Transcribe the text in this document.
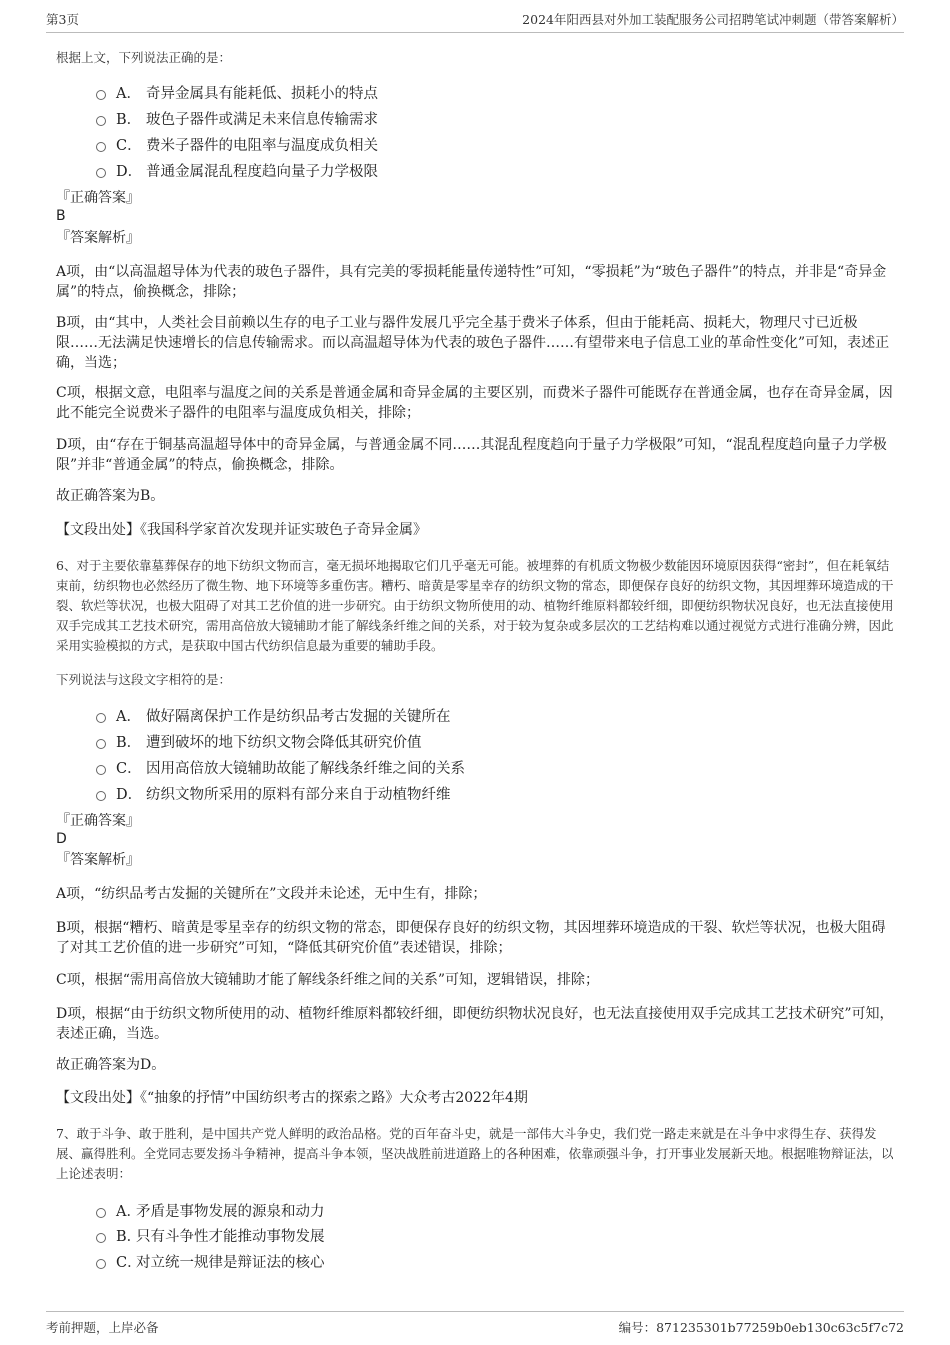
第3页	2024年阳西县对外加工装配服务公司招聘笔试冲刺题（带答案解析）
根据上文，下列说法正确的是：
A． 奇异金属具有能耗低、损耗小的特点
B． 玻色子器件或满足未来信息传输需求
C． 费米子器件的电阻率与温度成负相关
D． 普通金属混乱程度趋向量子力学极限
『正确答案』
B
『答案解析』
A项，由“以高温超导体为代表的玻色子器件，具有完美的零损耗能量传递特性”可知，“零损耗”为“玻色子器件”的特点，并非是“奇异金属”的特点，偷换概念，排除；
B项，由“其中，人类社会目前赖以生存的电子工业与器件发展几乎完全基于费米子体系，但由于能耗高、损耗大，物理尺寸已近极限……无法满足快速增长的信息传输需求。而以高温超导体为代表的玻色子器件……有望带来电子信息工业的革命性变化”可知，表述正确，当选；
C项，根据文意，电阻率与温度之间的关系是普通金属和奇异金属的主要区别，而费米子器件可能既存在普通金属，也存在奇异金属，因此不能完全说费米子器件的电阻率与温度成负相关，排除；
D项，由“存在于铜基高温超导体中的奇异金属，与普通金属不同……其混乱程度趋向于量子力学极限”可知，“混乱程度趋向量子力学极限”并非“普通金属”的特点，偷换概念，排除。
故正确答案为B。
【文段出处】《我国科学家首次发现并证实玻色子奇异金属》
6、对于主要依靠墓葬保存的地下纺织文物而言，毫无损坏地揭取它们几乎毫无可能。被埋葬的有机质文物极少数能因环境原因获得“密封”，但在耗氧结束前，纺织物也必然经历了微生物、地下环境等多重伤害。糟朽、暗黄是零星幸存的纺织文物的常态，即便保存良好的纺织文物，其因埋葬环境造成的干裂、软烂等状况，也极大阻碍了对其工艺价值的进一步研究。由于纺织文物所使用的动、植物纤维原料都较纤细，即便纺织物状况良好，也无法直接使用双手完成其工艺技术研究，需用高倍放大镜辅助才能了解线条纤维之间的关系，对于较为复杂或多层次的工艺结构难以通过视觉方式进行准确分辨，因此采用实验模拟的方式，是获取中国古代纺织信息最为重要的辅助手段。
下列说法与这段文字相符的是：
A． 做好隔离保护工作是纺织品考古发掘的关键所在
B． 遭到破坏的地下纺织文物会降低其研究价值
C． 因用高倍放大镜辅助故能了解线条纤维之间的关系
D． 纺织文物所采用的原料有部分来自于动植物纤维
『正确答案』
D
『答案解析』
A项，“纺织品考古发掘的关键所在”文段并未论述，无中生有，排除；
B项，根据“糟朽、暗黄是零星幸存的纺织文物的常态，即便保存良好的纺织文物，其因埋葬环境造成的干裂、软烂等状况，也极大阻碍了对其工艺价值的进一步研究”可知，“降低其研究价值”表述错误，排除；
C项，根据“需用高倍放大镜辅助才能了解线条纤维之间的关系”可知，逻辑错误，排除；
D项，根据“由于纺织文物所使用的动、植物纤维原料都较纤细，即便纺织物状况良好，也无法直接使用双手完成其工艺技术研究”可知，表述正确，当选。
故正确答案为D。
【文段出处】《“抽象的抒情”中国纺织考古的探索之路》大众考古2022年4期
7、敢于斗争、敢于胜利，是中国共产党人鲜明的政治品格。党的百年奋斗史，就是一部伟大斗争史，我们党一路走来就是在斗争中求得生存、获得发展、赢得胜利。全党同志要发扬斗争精神，提高斗争本领，坚决战胜前进道路上的各种困难，依靠顽强斗争，打开事业发展新天地。根据唯物辩证法，以上论述表明：
A．
矛盾是事物发展的源泉和动力
B．
只有斗争性才能推动事物发展
C．
对立统一规律是辩证法的核心
考前押题，上岸必备	编号：871235301b77259b0eb130c63c5f7c72
